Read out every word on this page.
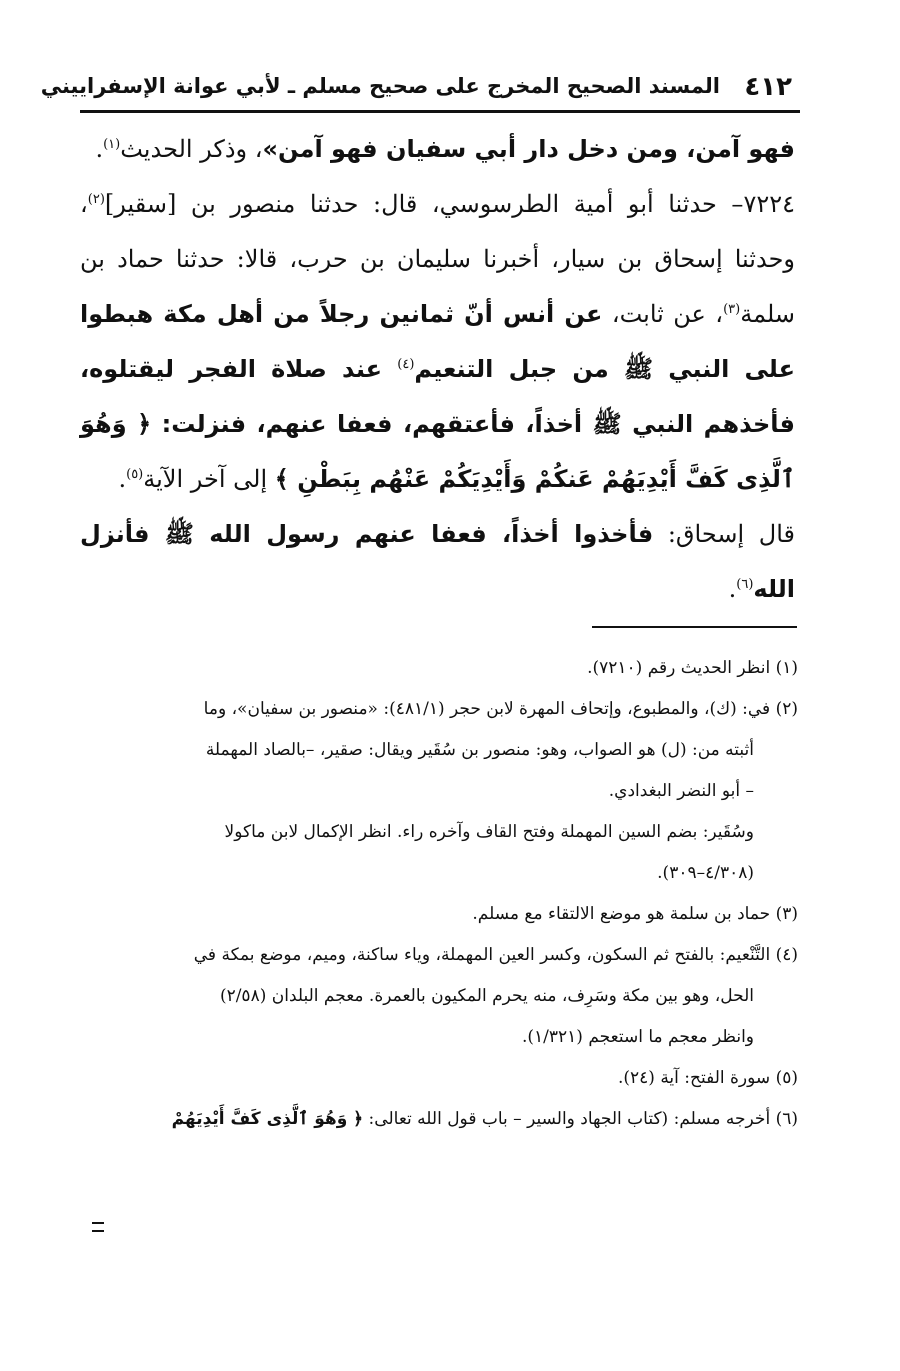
٤١٢
المسند الصحيح المخرج على صحيح مسلم ـ لأبي عوانة الإسفراييني

فهو آمن، ومن دخل دار أبي سفيان فهو آمن»، وذكر الحديث$^{(١)}$.

٧٢٢٤– حدثنا أبو أمية الطرسوسي، قال: حدثنا منصور بن [سقير]$^{(٢)}$، وحدثنا إسحاق بن سيار، أخبرنا سليمان بن حرب، قالا: حدثنا حماد بن سلمة$^{(٣)}$، عن ثابت، عن أنس أنّ ثمانين رجلاً من أهل مكة هبطوا على النبي ﷺ من جبل التنعيم$^{(٤)}$ عند صلاة الفجر ليقتلوه، فأخذهم النبي ﷺ أخذاً، فأعتقهم، فعفا عنهم، فنزلت: ﴿ وَهُوَ ٱلَّذِى كَفَّ أَيْدِيَهُمْ عَنكُمْ وَأَيْدِيَكُمْ عَنْهُم بِبَطْنِ ﴾ إلى آخر الآية$^{(٥)}$.

قال إسحاق: فأخذوا أخذاً، فعفا عنهم رسول الله ﷺ فأنزل الله$^{(٦)}$.

(١) انظر الحديث رقم (٧٢١٠).

(٢) في: (ك)، والمطبوع، وإتحاف المهرة لابن حجر (٤٨١/١): «منصور بن سفيان»، وما
أثبته من: (ل) هو الصواب، وهو: منصور بن سُقَير ويقال: صقير، –بالصاد المهملة
– أبو النضر البغدادي.
وسُقَير: بضم السين المهملة وفتح القاف وآخره راء. انظر الإكمال لابن ماكولا
(٤/٣٠٨–٣٠٩).

(٣) حماد بن سلمة هو موضع الالتقاء مع مسلم.

(٤) التَّنْعيم: بالفتح ثم السكون، وكسر العين المهملة، وياء ساكنة، وميم، موضع بمكة في
الحل، وهو بين مكة وسَرِف، منه يحرم المكيون بالعمرة. معجم البلدان (٢/٥٨)
وانظر معجم ما استعجم (١/٣٢١).

(٥) سورة الفتح: آية (٢٤).

(٦) أخرجه مسلم: (كتاب الجهاد والسير – باب قول الله تعالى: ﴿ وَهُوَ ٱلَّذِى كَفَّ أَيْدِيَهُمْ
